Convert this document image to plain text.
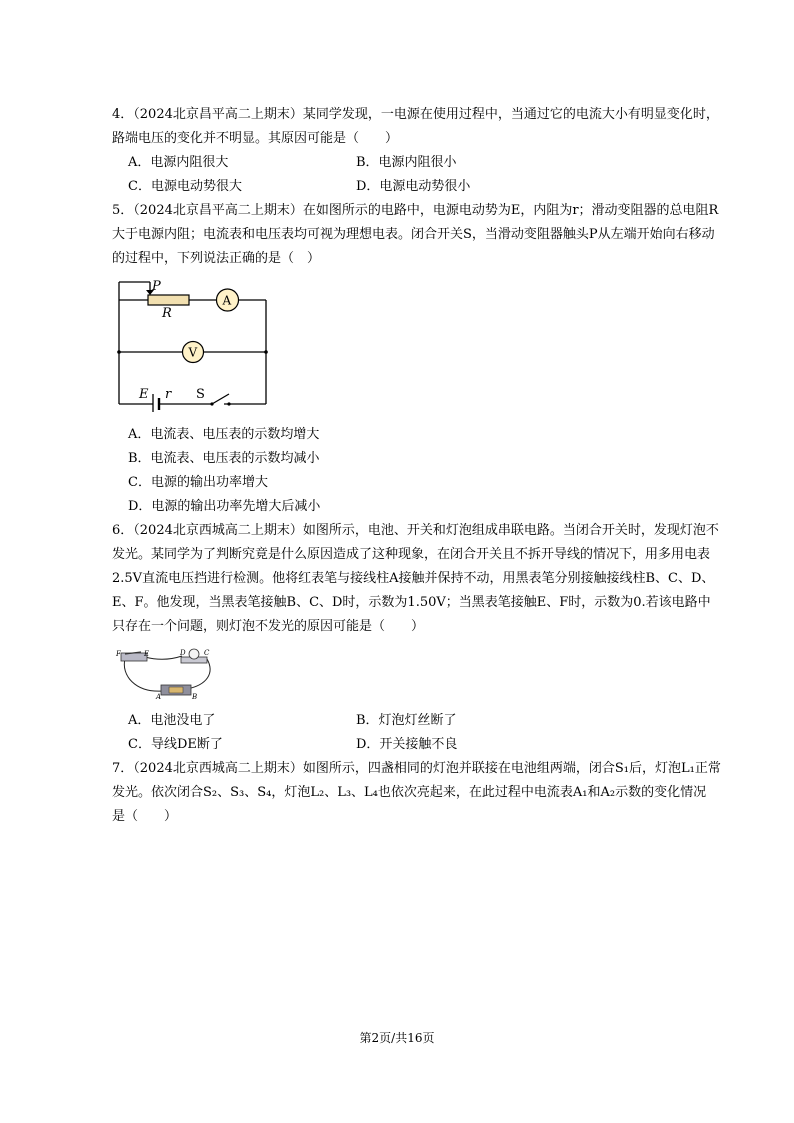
4．（2024北京昌平高二上期末）某同学发现，一电源在使用过程中，当通过它的电流大小有明显变化时，
路端电压的变化并不明显。其原因可能是（　　）
A．电源内阻很大	B．电源内阻很小
C．电源电动势很大	D．电源电动势很小
5．（2024北京昌平高二上期末）在如图所示的电路中，电源电动势为E，内阻为r；滑动变阻器的总电阻R
大于电源内阻；电流表和电压表均可视为理想电表。闭合开关S，当滑动变阻器触头P从左端开始向右移动
的过程中，下列说法正确的是（　）
P
R
A
V
E r S
A．电流表、电压表的示数均增大
B．电流表、电压表的示数均减小
C．电源的输出功率增大
D．电源的输出功率先增大后减小
6．（2024北京西城高二上期末）如图所示，电池、开关和灯泡组成串联电路。当闭合开关时，发现灯泡不
发光。某同学为了判断究竟是什么原因造成了这种现象，在闭合开关且不拆开导线的情况下，用多用电表
2.5V直流电压挡进行检测。他将红表笔与接线柱A接触并保持不动，用黑表笔分别接触接线柱B、C、D、
E、F。他发现，当黑表笔接触B、C、D时，示数为1.50V；当黑表笔接触E、F时，示数为0.若该电路中
只存在一个问题，则灯泡不发光的原因可能是（　　）
F	E	D	C
A	B
A．电池没电了	B．灯泡灯丝断了
C．导线DE断了	D．开关接触不良
7．（2024北京西城高二上期末）如图所示，四盏相同的灯泡并联接在电池组两端，闭合S₁后，灯泡L₁正常
发光。依次闭合S₂、S₃、S₄，灯泡L₂、L₃、L₄也依次亮起来，在此过程中电流表A₁和A₂示数的变化情况
是（　　）
第2页/共16页
